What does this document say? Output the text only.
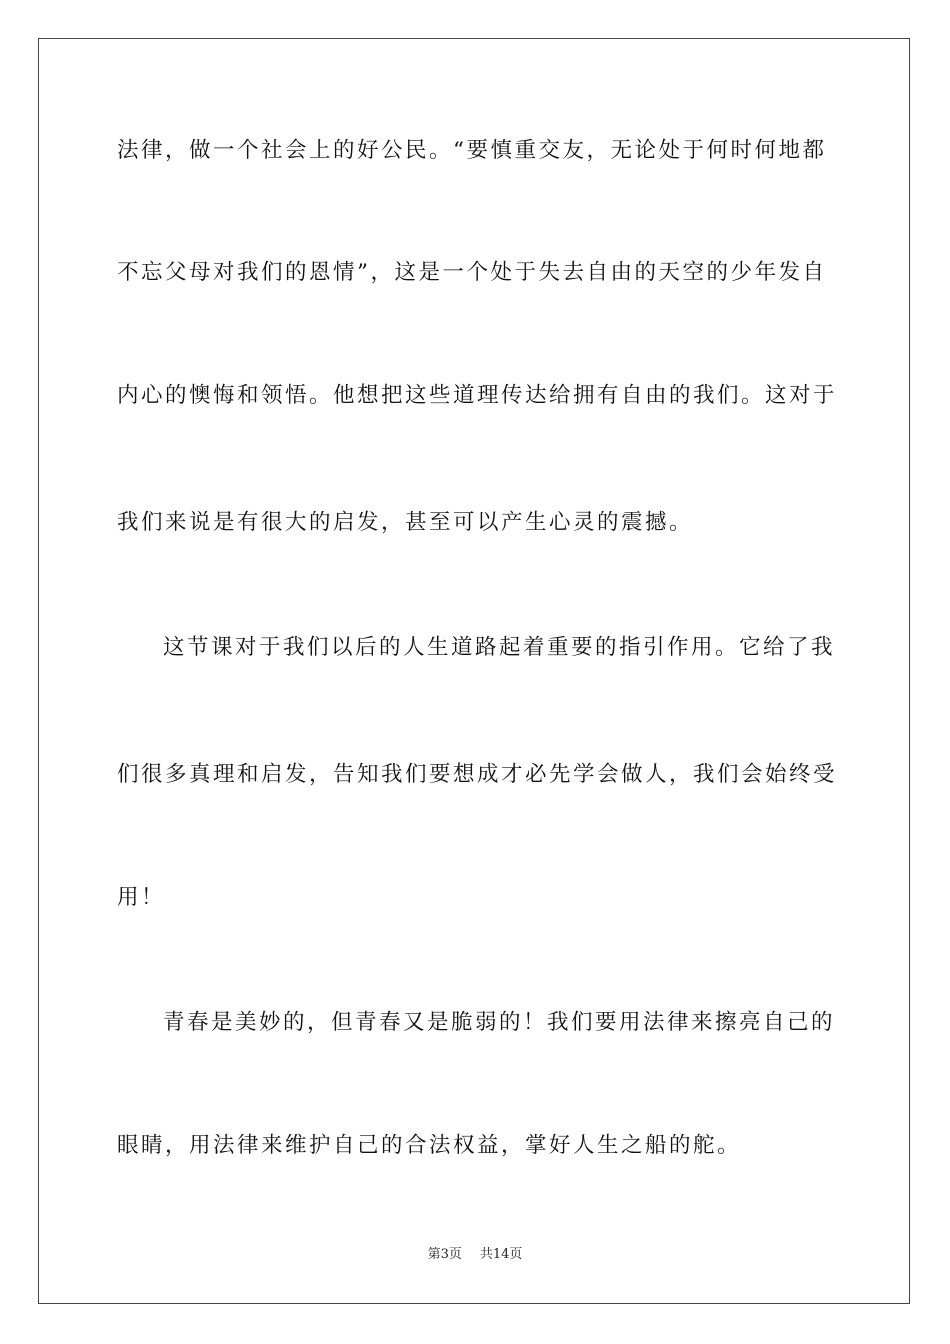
法律，做一个社会上的好公民。“要慎重交友，无论处于何时何地都
不忘父母对我们的恩情”，这是一个处于失去自由的天空的少年发自
内心的懊悔和领悟。他想把这些道理传达给拥有自由的我们。这对于
我们来说是有很大的启发，甚至可以产生心灵的震撼。
这节课对于我们以后的人生道路起着重要的指引作用。它给了我
们很多真理和启发，告知我们要想成才必先学会做人，我们会始终受
用！
青春是美妙的，但青春又是脆弱的！我们要用法律来擦亮自己的
眼睛，用法律来维护自己的合法权益，掌好人生之船的舵。
第3页 共14页
